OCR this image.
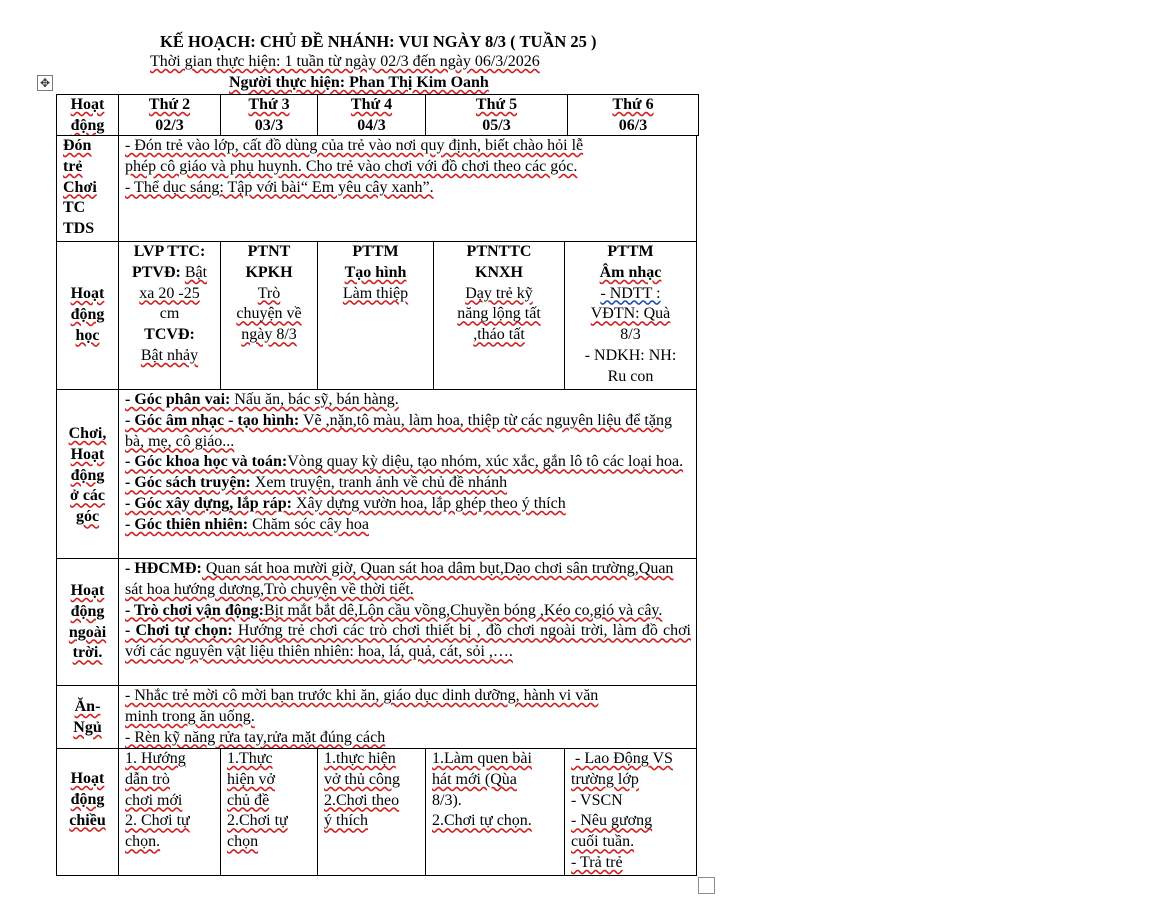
KẾ HOẠCH: CHỦ ĐỀ NHÁNH: VUI NGÀY 8/3 ( TUẦN 25 )
Thời gian thực hiện: 1 tuần từ ngày 02/3 đến ngày 06/3/2026
Người thực hiện: Phan Thị Kim Oanh
✥
Hoạt
động
Thứ 2
02/3
Thứ 3
03/3
Thứ 4
04/3
Thứ 5
05/3
Thứ 6
06/3
Đón
trẻ
Chơi
TC
TDS
- Đón trẻ vào lớp, cất đồ dùng của trẻ vào nơi quy định, biết chào hỏi lễ
phép cô giáo và phụ huynh. Cho trẻ vào chơi với đồ chơi theo các góc.
- Thể dục sáng: Tập với bài“ Em yêu cây xanh”.
Hoạt
động
học
LVP TTC:
PTVĐ: Bật
xa 20 -25
cm
TCVĐ:
Bật nhảy
PTNT
KPKH
Trò
chuyện về
ngày 8/3
PTTM
Tạo hình
Làm thiệp
PTNTTC
KNXH
Dạy trẻ kỹ
năng lộng tất
,tháo tất
PTTM
Âm nhạc
- NDTT :
VĐTN: Quà
8/3
- NDKH: NH:
Ru con
Chơi,
Hoạt
động
ở các
góc
- Góc phân vai: Nấu ăn, bác sỹ, bán hàng.
- Góc âm nhạc - tạo hình: Vẽ ,nặn,tô màu, làm hoa, thiệp từ các nguyên liệu để tặng bà, mẹ, cô giáo...
- Góc khoa học và toán:Vòng quay kỳ diệu, tạo nhóm, xúc xắc, gắn lô tô các loại hoa.
- Góc sách truyện: Xem truyện, tranh ảnh về chủ đề nhánh
- Góc xây dựng, lắp ráp: Xây dựng vườn hoa, lắp ghép theo ý thích
- Góc thiên nhiên: Chăm sóc cây hoa
Hoạt
động
ngoài
trời.
- HĐCMĐ: Quan sát hoa mười giờ, Quan sát hoa dâm bụt,Dạo chơi sân trường,Quan sát hoa hướng dương,Trò chuyện về thời tiết.
- Trò chơi vận động:Bịt mắt bắt dê,Lộn cầu vồng,Chuyền bóng ,Kéo co,gió và cây.
- Chơi tự chọn: Hướng trẻ chơi các trò chơi thiết bị , đồ chơi ngoài trời, làm đồ chơi với các nguyên vật liệu thiên nhiên: hoa, lá, quả, cát, sỏi ,….
Ăn-
Ngủ
- Nhắc trẻ mời cô mời bạn trước khi ăn, giáo dục dinh dưỡng, hành vi văn
minh trong ăn uống.
- Rèn kỹ năng rửa tay,rửa mặt đúng cách
Hoạt
động
chiều
1. Hướng
dẫn trò
chơi mới
2. Chơi tự
chọn.
1.Thực
hiện vở
chủ đề
2.Chơi tự
chọn
1.thực hiện
vở thủ công
2.Chơi theo
ý thích
1.Làm quen bài
hát mới (Qùa
8/3).
2.Chơi tự chọn.
- Lao Động VS
trường lớp
- VSCN
- Nêu gương
cuối tuần.
- Trả trẻ
